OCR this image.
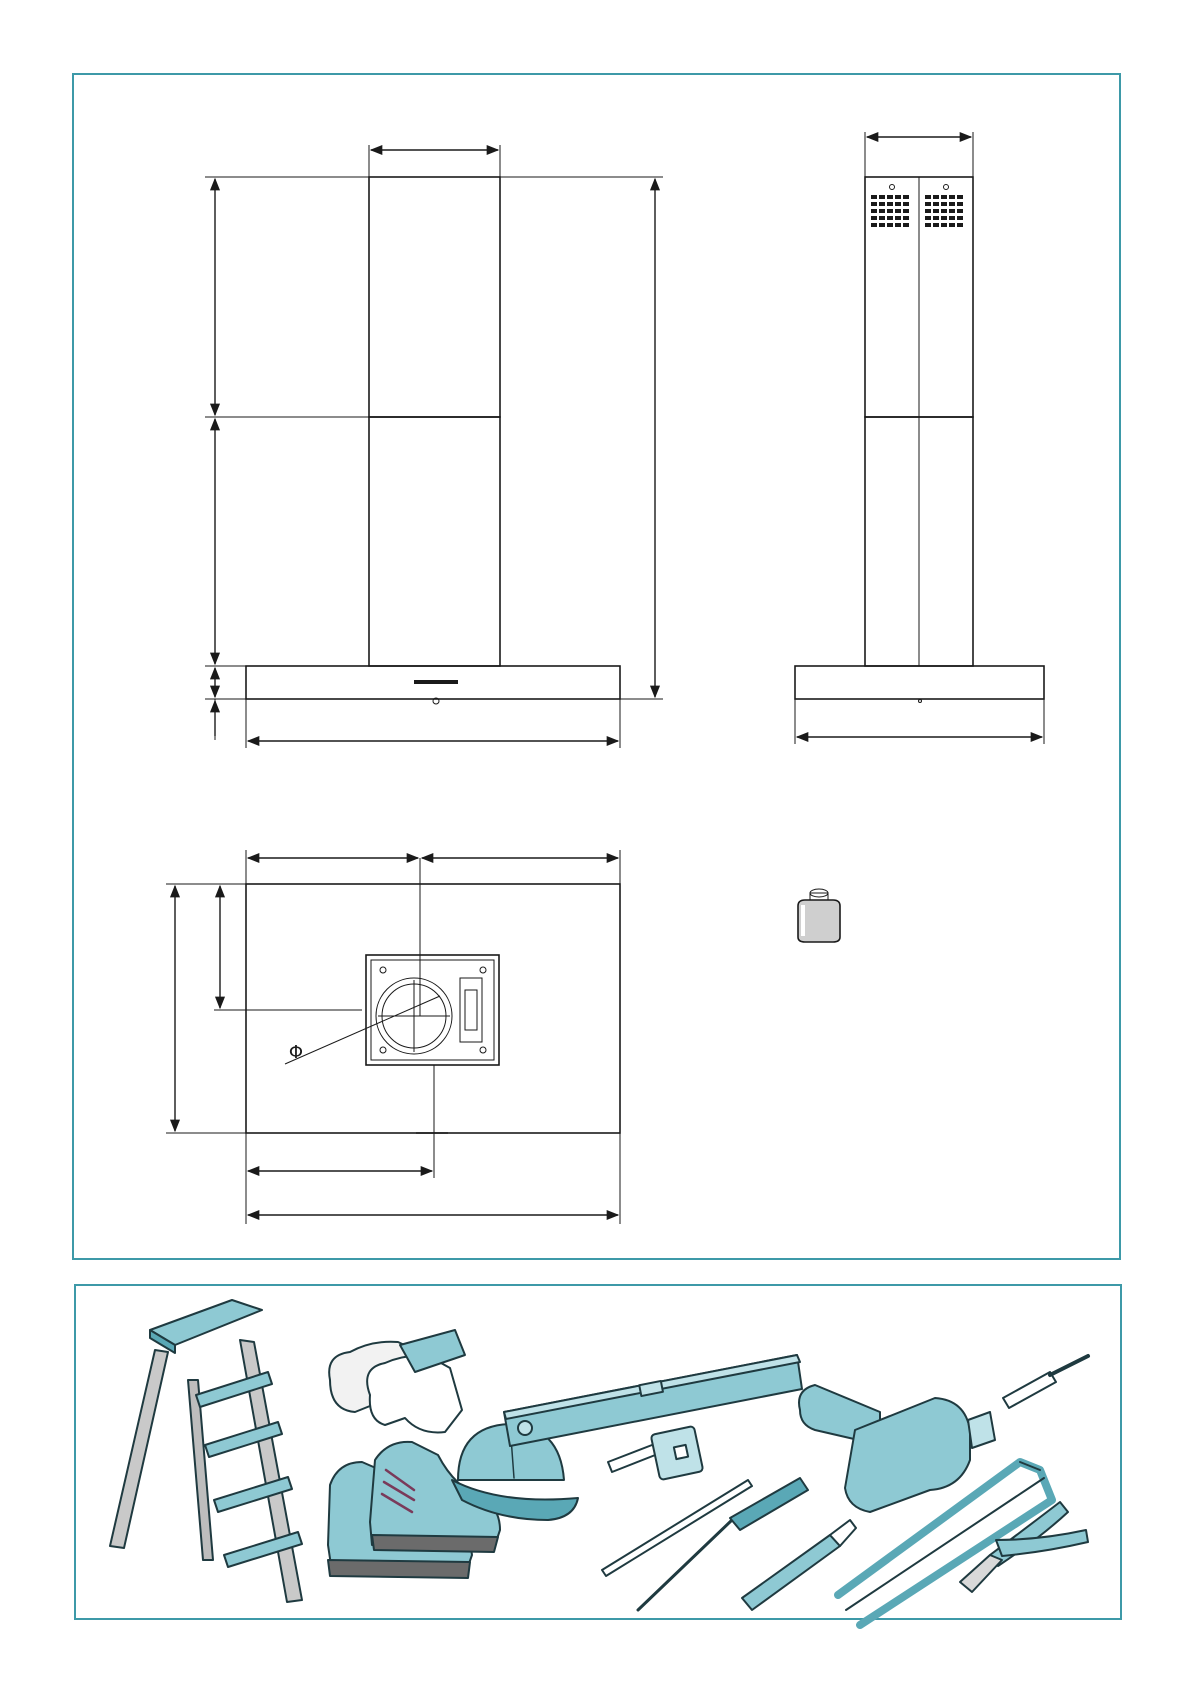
Φ
